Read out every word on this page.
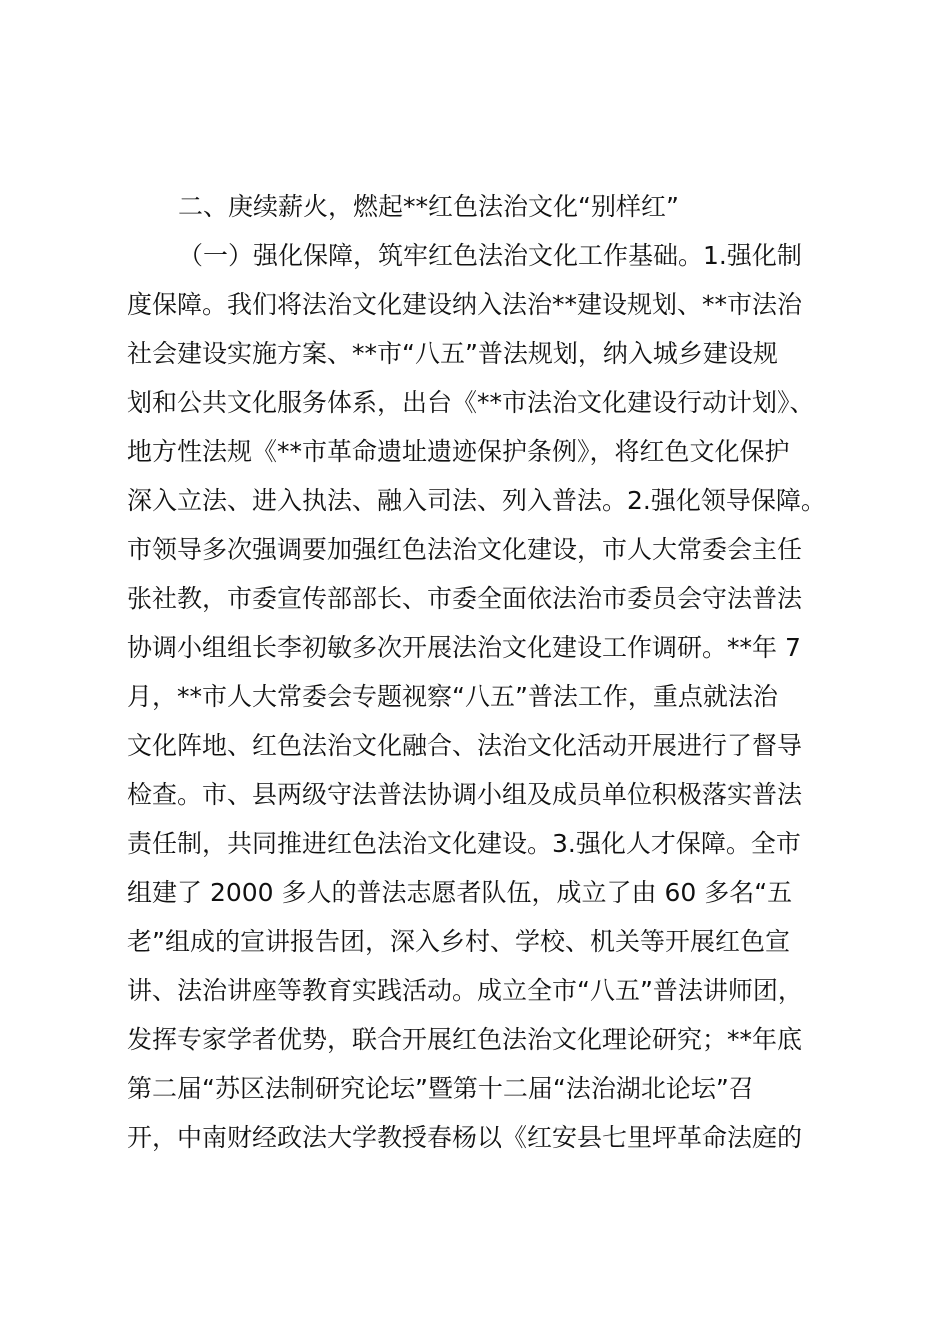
二、庚续薪火，燃起**红色法治文化“别样红”
（一）强化保障，筑牢红色法治文化工作基础。1.强化制
度保障。我们将法治文化建设纳入法治**建设规划、**市法治
社会建设实施方案、**市“八五”普法规划，纳入城乡建设规
划和公共文化服务体系，出台《**市法治文化建设行动计划》、
地方性法规《**市革命遗址遗迹保护条例》，将红色文化保护
深入立法、进入执法、融入司法、列入普法。2.强化领导保障。
市领导多次强调要加强红色法治文化建设，市人大常委会主任
张社教，市委宣传部部长、市委全面依法治市委员会守法普法
协调小组组长李初敏多次开展法治文化建设工作调研。**年 7
月，**市人大常委会专题视察“八五”普法工作，重点就法治
文化阵地、红色法治文化融合、法治文化活动开展进行了督导
检查。市、县两级守法普法协调小组及成员单位积极落实普法
责任制，共同推进红色法治文化建设。3.强化人才保障。全市
组建了 2000 多人的普法志愿者队伍，成立了由 60 多名“五
老”组成的宣讲报告团，深入乡村、学校、机关等开展红色宣
讲、法治讲座等教育实践活动。成立全市“八五”普法讲师团，
发挥专家学者优势，联合开展红色法治文化理论研究；**年底
第二届“苏区法制研究论坛”暨第十二届“法治湖北论坛”召
开，中南财经政法大学教授春杨以《红安县七里坪革命法庭的
